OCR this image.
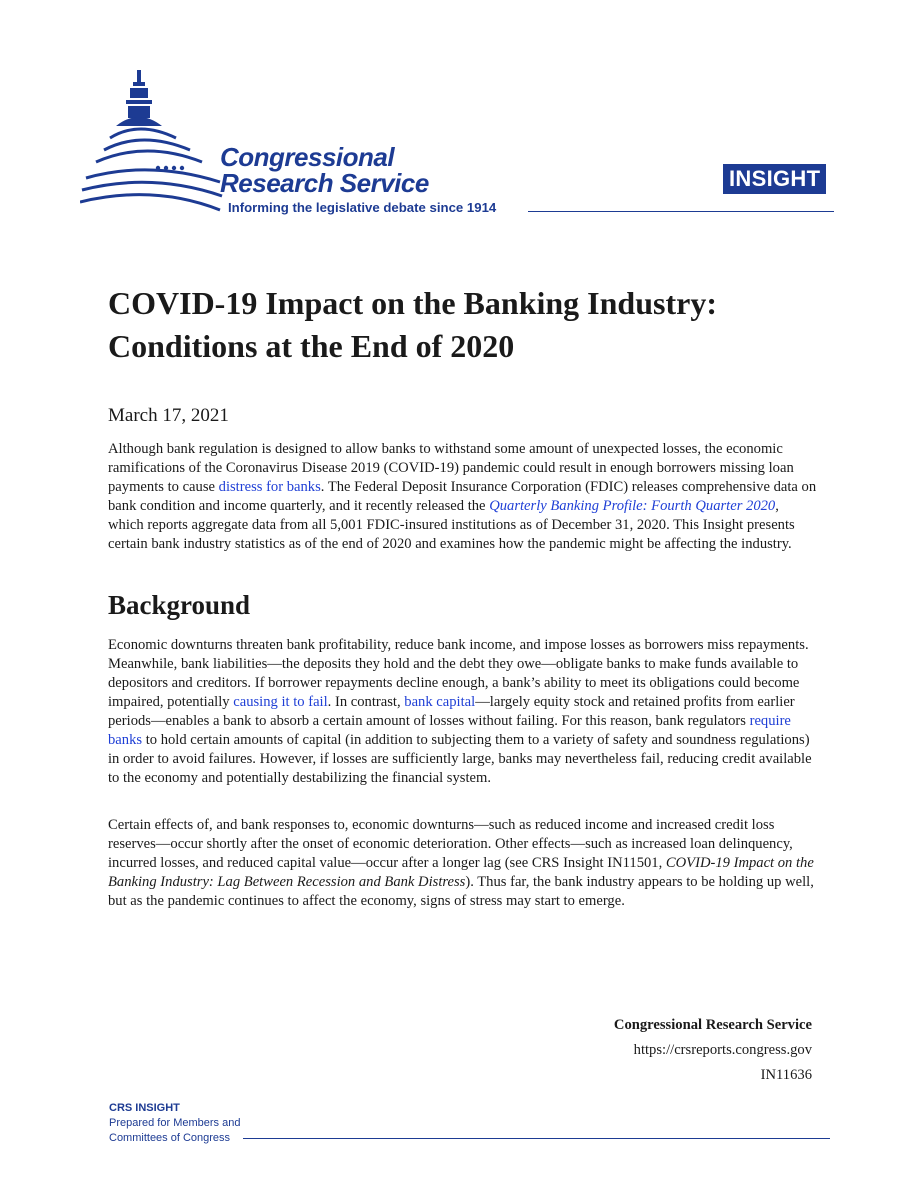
Congressional
Research Service
Informing the legislative debate since 1914
INSIGHT
COVID-19 Impact on the Banking Industry:
Conditions at the End of 2020
March 17, 2021

Although bank regulation is designed to allow banks to withstand some amount of unexpected losses, the economic ramifications of the Coronavirus Disease 2019 (COVID-19) pandemic could result in enough borrowers missing loan payments to cause distress for banks. The Federal Deposit Insurance Corporation (FDIC) releases comprehensive data on bank condition and income quarterly, and it recently released the Quarterly Banking Profile: Fourth Quarter 2020, which reports aggregate data from all 5,001 FDIC-insured institutions as of December 31, 2020. This Insight presents certain bank industry statistics as of the end of 2020 and examines how the pandemic might be affecting the industry.

Background

Economic downturns threaten bank profitability, reduce bank income, and impose losses as borrowers miss repayments. Meanwhile, bank liabilities—the deposits they hold and the debt they owe—obligate banks to make funds available to depositors and creditors. If borrower repayments decline enough, a bank’s ability to meet its obligations could become impaired, potentially causing it to fail. In contrast, bank capital—largely equity stock and retained profits from earlier periods—enables a bank to absorb a certain amount of losses without failing. For this reason, bank regulators require banks to hold certain amounts of capital (in addition to subjecting them to a variety of safety and soundness regulations) in order to avoid failures. However, if losses are sufficiently large, banks may nevertheless fail, reducing credit available to the economy and potentially destabilizing the financial system.

Certain effects of, and bank responses to, economic downturns—such as reduced income and increased credit loss reserves—occur shortly after the onset of economic deterioration. Other effects—such as increased loan delinquency, incurred losses, and reduced capital value—occur after a longer lag (see CRS Insight IN11501, COVID-19 Impact on the Banking Industry: Lag Between Recession and Bank Distress). Thus far, the bank industry appears to be holding up well, but as the pandemic continues to affect the economy, signs of stress may start to emerge.

Congressional Research Service
https://crsreports.congress.gov
IN11636
CRS INSIGHT
Prepared for Members and
Committees of Congress
